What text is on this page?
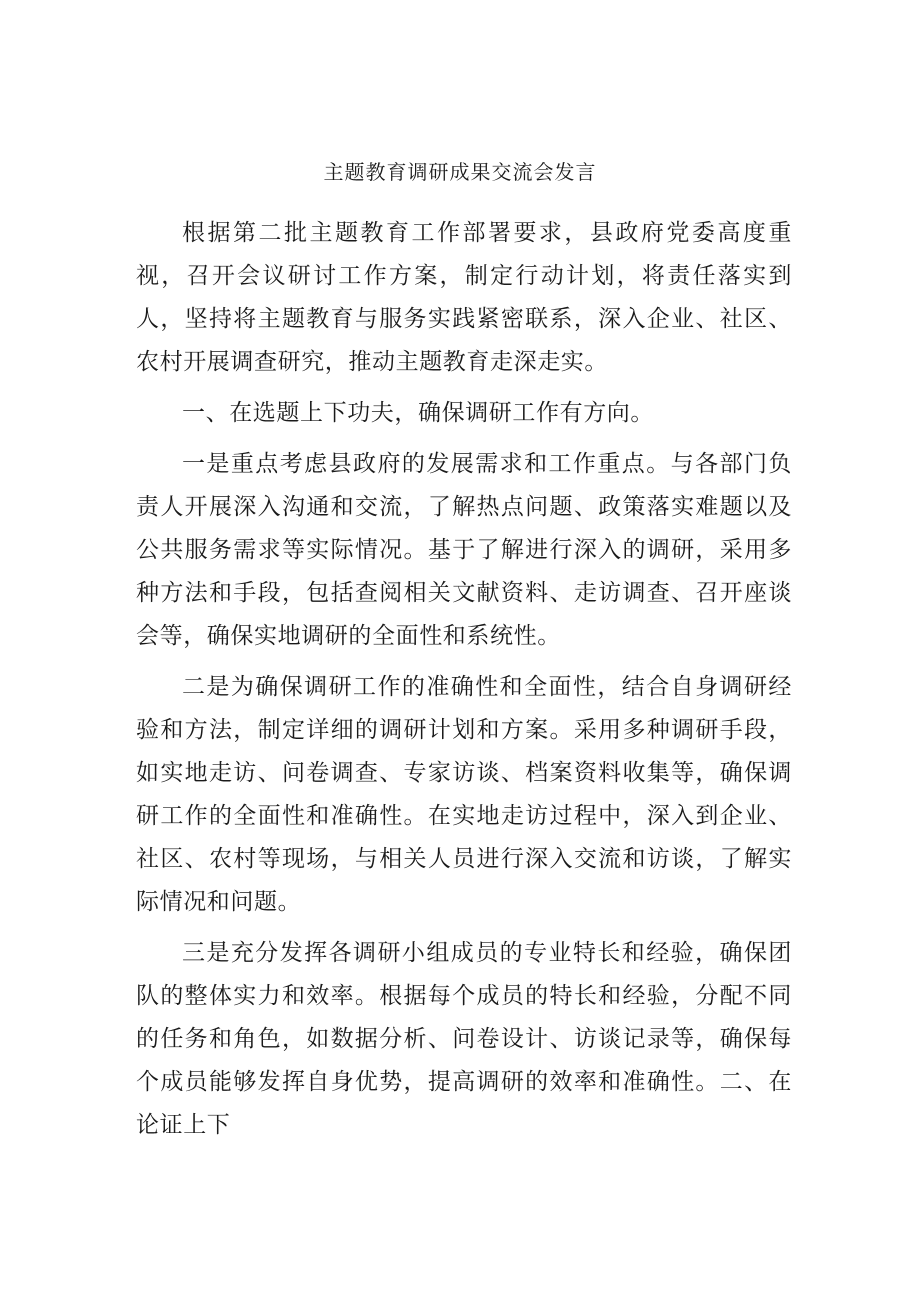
主题教育调研成果交流会发言

根据第二批主题教育工作部署要求，县政府党委高度重视，召开会议研讨工作方案，制定行动计划，将责任落实到人，坚持将主题教育与服务实践紧密联系，深入企业、社区、农村开展调查研究，推动主题教育走深走实。

一、在选题上下功夫，确保调研工作有方向。

一是重点考虑县政府的发展需求和工作重点。与各部门负责人开展深入沟通和交流，了解热点问题、政策落实难题以及公共服务需求等实际情况。基于了解进行深入的调研，采用多种方法和手段，包括查阅相关文献资料、走访调查、召开座谈会等，确保实地调研的全面性和系统性。

二是为确保调研工作的准确性和全面性，结合自身调研经验和方法，制定详细的调研计划和方案。采用多种调研手段，如实地走访、问卷调查、专家访谈、档案资料收集等，确保调研工作的全面性和准确性。在实地走访过程中，深入到企业、社区、农村等现场，与相关人员进行深入交流和访谈，了解实际情况和问题。

三是充分发挥各调研小组成员的专业特长和经验，确保团队的整体实力和效率。根据每个成员的特长和经验，分配不同的任务和角色，如数据分析、问卷设计、访谈记录等，确保每个成员能够发挥自身优势，提高调研的效率和准确性。二、在论证上下
